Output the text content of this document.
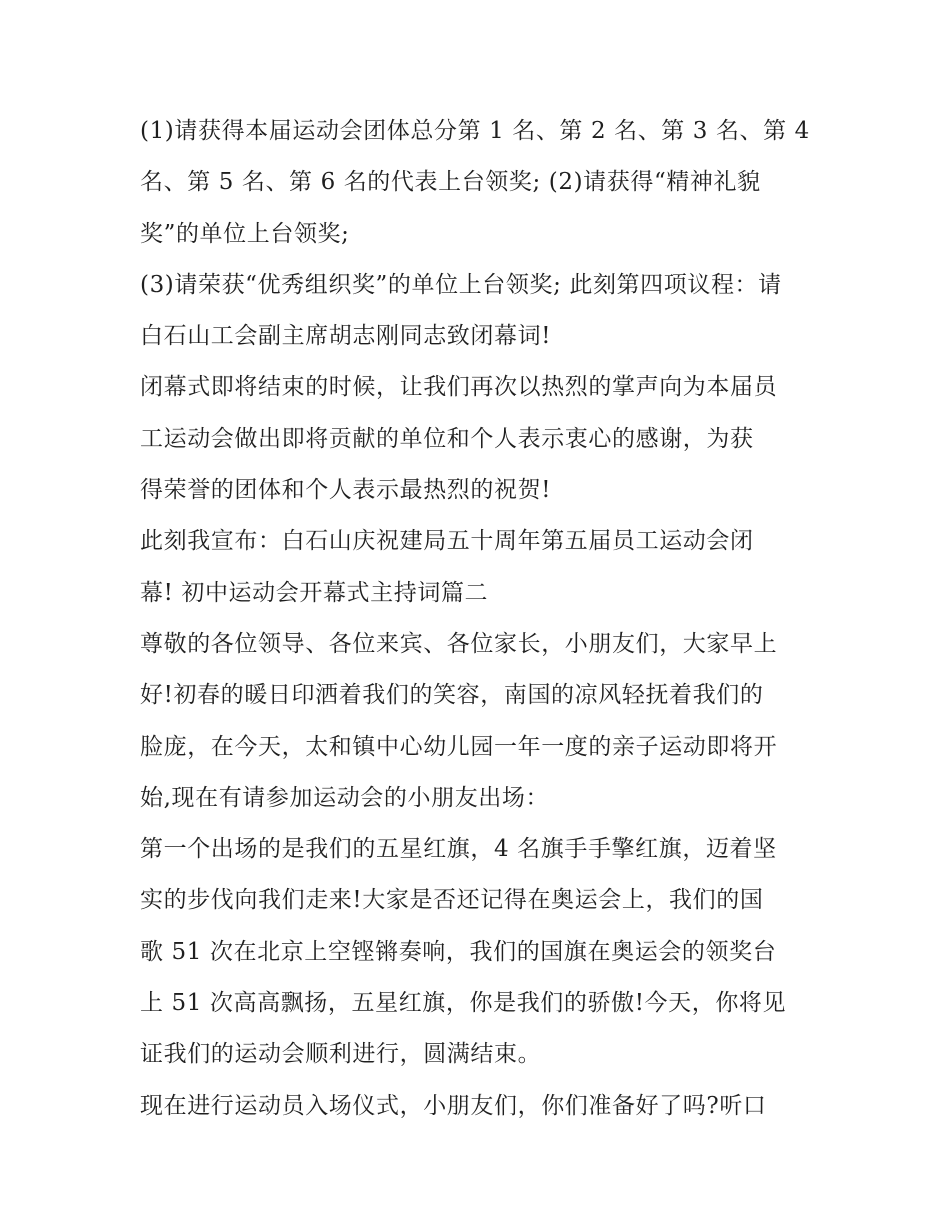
(1)请获得本届运动会团体总分第 1 名、第 2 名、第 3 名、第 4
名、第 5 名、第 6 名的代表上台领奖; (2)请获得“精神礼貌
奖”的单位上台领奖;
(3)请荣获“优秀组织奖”的单位上台领奖; 此刻第四项议程：请
白石山工会副主席胡志刚同志致闭幕词!
闭幕式即将结束的时候，让我们再次以热烈的掌声向为本届员
工运动会做出即将贡献的单位和个人表示衷心的感谢，为获
得荣誉的团体和个人表示最热烈的祝贺!
此刻我宣布：白石山庆祝建局五十周年第五届员工运动会闭
幕! 初中运动会开幕式主持词篇二
尊敬的各位领导、各位来宾、各位家长，小朋友们，大家早上
好!初春的暖日印洒着我们的笑容，南国的凉风轻抚着我们的
脸庞，在今天，太和镇中心幼儿园一年一度的亲子运动即将开
始,现在有请参加运动会的小朋友出场：
第一个出场的是我们的五星红旗，4 名旗手手擎红旗，迈着坚
实的步伐向我们走来!大家是否还记得在奥运会上，我们的国
歌 51 次在北京上空铿锵奏响，我们的国旗在奥运会的领奖台
上 51 次高高飘扬，五星红旗，你是我们的骄傲!今天，你将见
证我们的运动会顺利进行，圆满结束。
现在进行运动员入场仪式，小朋友们，你们准备好了吗?听口
